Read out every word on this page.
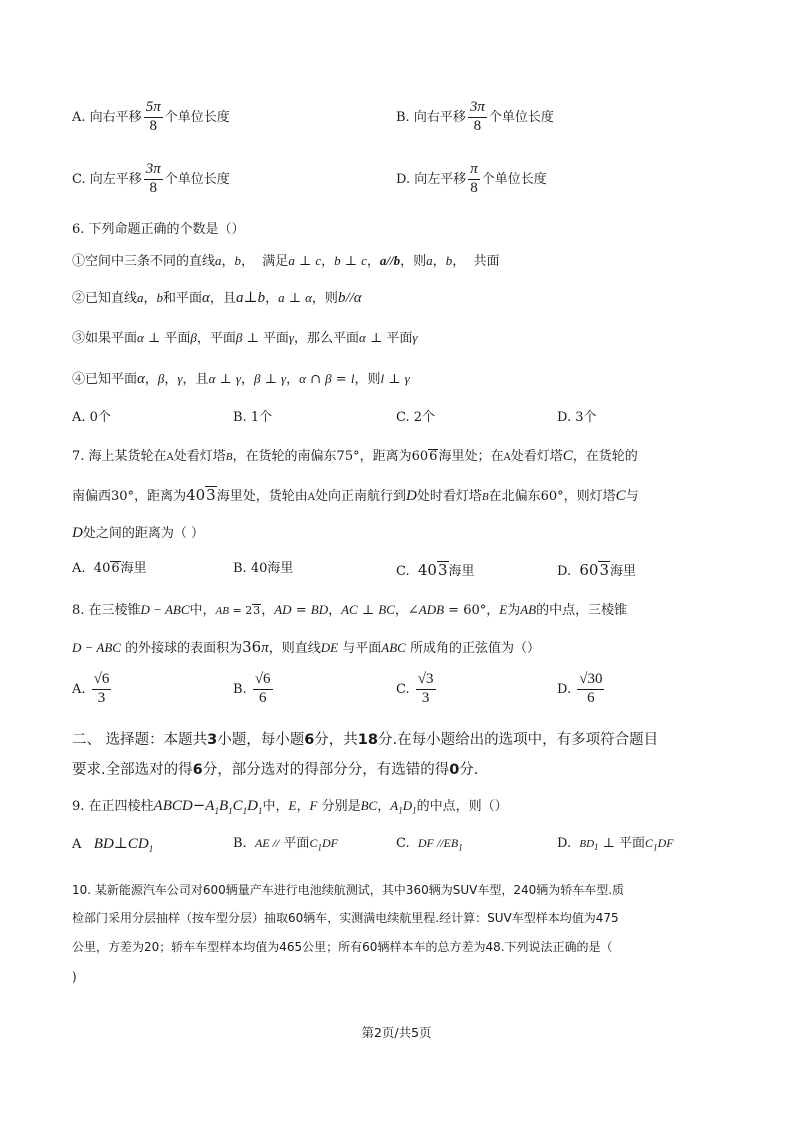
A. 向右平移 $\frac{5\pi}{8}$ 个单位长度	B. 向右平移 $\frac{3\pi}{8}$ 个单位长度
C. 向左平移 $\frac{3\pi}{8}$ 个单位长度	D. 向左平移 $\frac{\pi}{8}$ 个单位长度
6. 下列命题正确的个数是（）
①空间中三条不同的直线a，b，  满足a ⊥ c，b ⊥ c，a//b，则a，b，  共面
②已知直线a，b和平面α，且a⊥b，a ⊥ α，则b//α
③如果平面α ⊥ 平面β，平面β ⊥ 平面γ，那么平面α ⊥ 平面γ
④已知平面α，β，γ，且α ⊥ γ，β ⊥ γ，α ∩ β = l，则l ⊥ γ
A. 0个	B. 1个	C. 2个	D. 3个
7. 海上某货轮在A处看灯塔B，在货轮的南偏东75°，距离为606海里处；在A处看灯塔C，在货轮的
南偏西30°，距离为403海里处，货轮由A处向正南航行到D处时看灯塔B在北偏东60°，则灯塔C与
D处之间的距离为（ ）
A. 406海里	B. 40海里	C. 403海里	D. 603海里
8. 在三棱锥D − ABC中，AB = 23，AD = BD，AC ⊥ BC，∠ADB = 60°，E为AB的中点，三棱锥
D − ABC 的外接球的表面积为36π，则直线DE 与平面ABC 所成角的正弦值为（）
A. $\frac{√6}{3}$	B. $\frac{√6}{6}$	C. $\frac{√3}{3}$	D. $\frac{√30}{6}$
二、 选择题：本题共3小题，每小题6分，共18分.在每小题给出的选项中，有多项符合题目
要求.全部选对的得6分，部分选对的得部分分，有选错的得0分.
9. 在正四棱柱$ABCD-A_1B_1C_1D_1$中，E，F 分别是BC，$A_1D_1$的中点，则（）
A $BD\perp CD_1$	B. AE // 平面$C_1DF$	C. DF $//EB_1$	D. $BD_1$ ⊥ 平面$C_1DF$
10. 某新能源汽车公司对600辆量产车进行电池续航测试，其中360辆为SUV车型，240辆为轿车车型.质
检部门采用分层抽样（按车型分层）抽取60辆车，实测满电续航里程.经计算：SUV车型样本均值为475
公里，方差为20；轿车车型样本均值为465公里；所有60辆样本车的总方差为48.下列说法正确的是（
)
第2页/共5页
